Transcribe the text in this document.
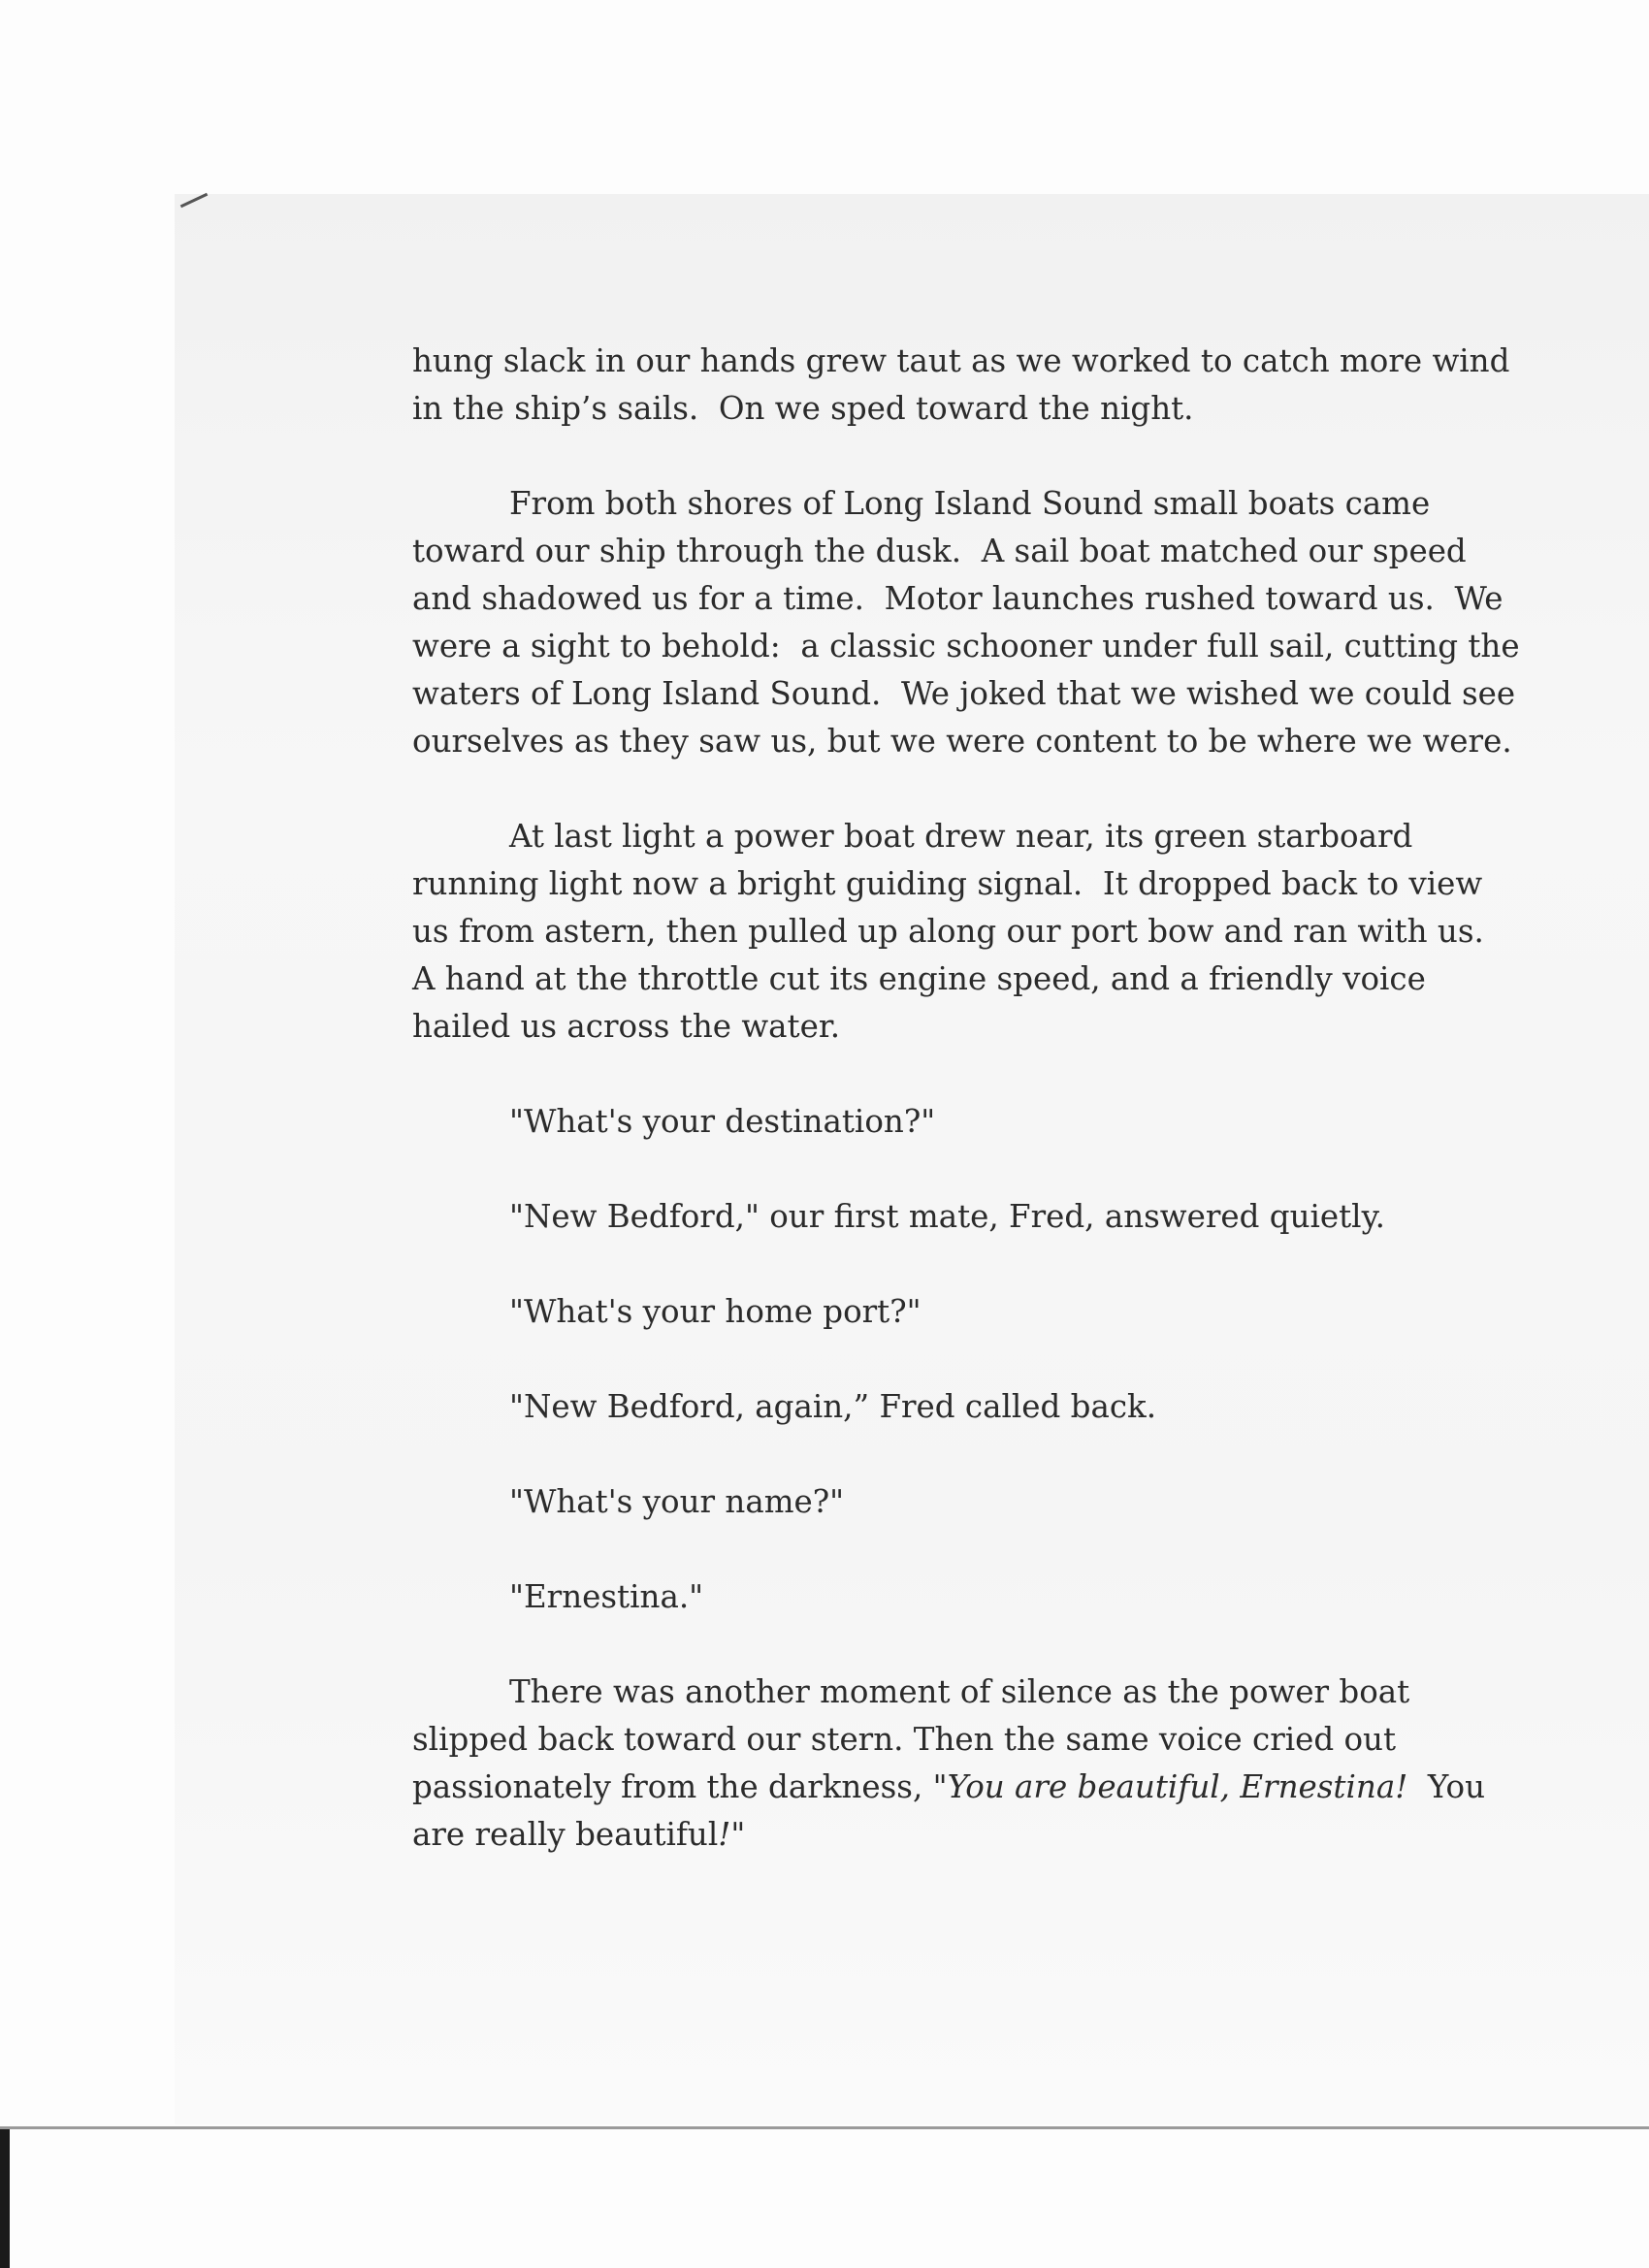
hung slack in our hands grew taut as we worked to catch more wind
in the ship’s sails.  On we sped toward the night.

From both shores of Long Island Sound small boats came
toward our ship through the dusk.  A sail boat matched our speed
and shadowed us for a time.  Motor launches rushed toward us.  We
were a sight to behold:  a classic schooner under full sail, cutting the
waters of Long Island Sound.  We joked that we wished we could see
ourselves as they saw us, but we were content to be where we were.

At last light a power boat drew near, its green starboard
running light now a bright guiding signal.  It dropped back to view
us from astern, then pulled up along our port bow and ran with us.
A hand at the throttle cut its engine speed, and a friendly voice
hailed us across the water.

"What's your destination?"

"New Bedford," our first mate, Fred, answered quietly.

"What's your home port?"

"New Bedford, again,” Fred called back.

"What's your name?"

"Ernestina."

There was another moment of silence as the power boat
slipped back toward our stern. Then the same voice cried out
passionately from the darkness, "You are beautiful, Ernestina!  You
are really beautiful!"
